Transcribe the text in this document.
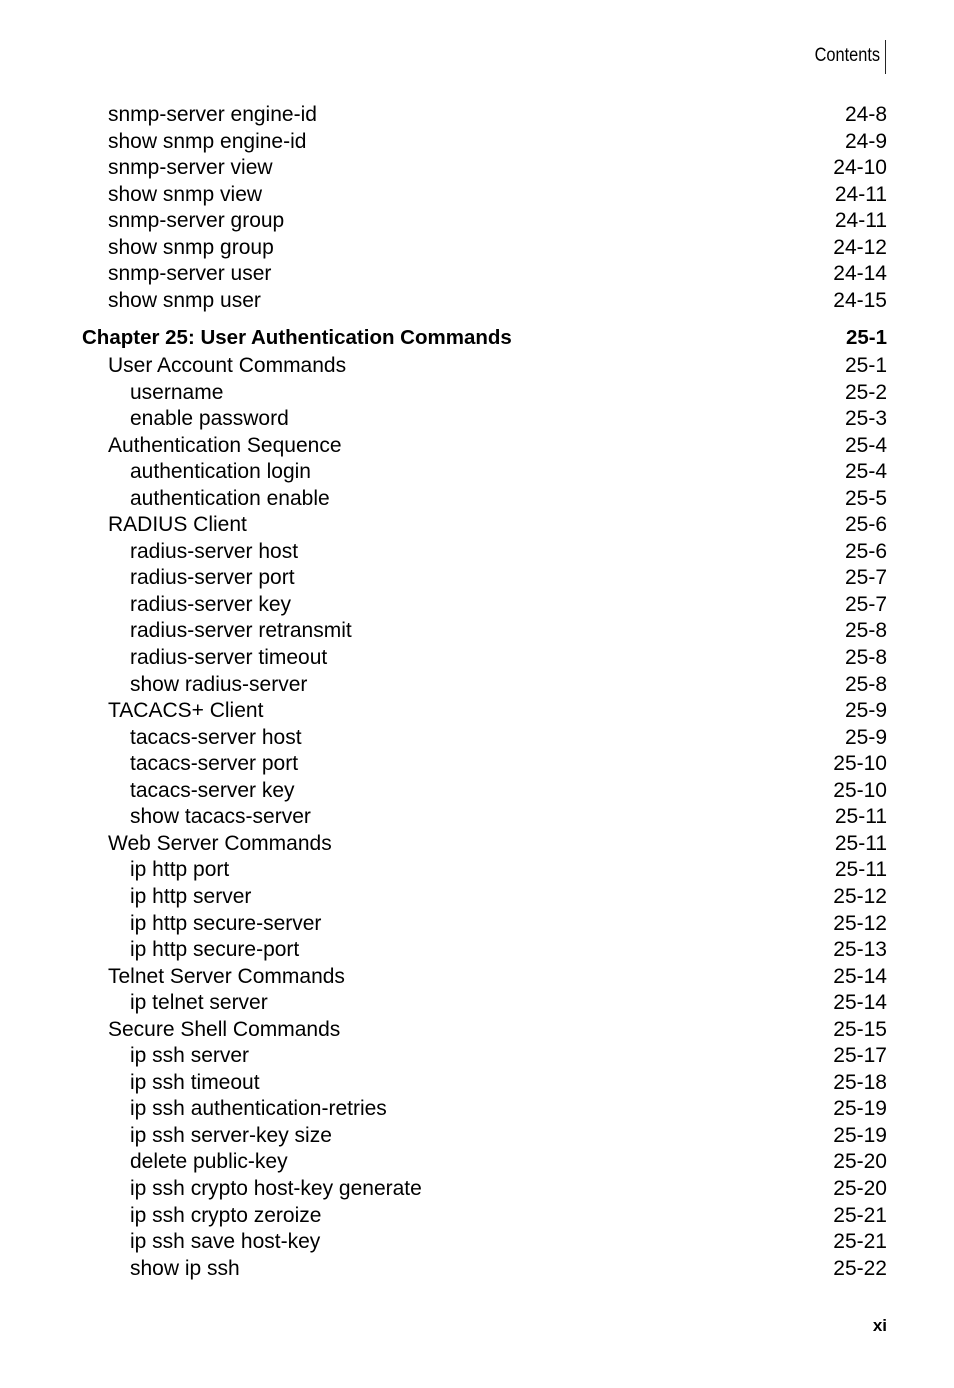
Contents
snmp-server engine-id	24-8
show snmp engine-id	24-9
snmp-server view	24-10
show snmp view	24-11
snmp-server group	24-11
show snmp group	24-12
snmp-server user	24-14
show snmp user	24-15
Chapter 25: User Authentication Commands	25-1
User Account Commands	25-1
username	25-2
enable password	25-3
Authentication Sequence	25-4
authentication login	25-4
authentication enable	25-5
RADIUS Client	25-6
radius-server host	25-6
radius-server port	25-7
radius-server key	25-7
radius-server retransmit	25-8
radius-server timeout	25-8
show radius-server	25-8
TACACS+ Client	25-9
tacacs-server host	25-9
tacacs-server port	25-10
tacacs-server key	25-10
show tacacs-server	25-11
Web Server Commands	25-11
ip http port	25-11
ip http server	25-12
ip http secure-server	25-12
ip http secure-port	25-13
Telnet Server Commands	25-14
ip telnet server	25-14
Secure Shell Commands	25-15
ip ssh server	25-17
ip ssh timeout	25-18
ip ssh authentication-retries	25-19
ip ssh server-key size	25-19
delete public-key	25-20
ip ssh crypto host-key generate	25-20
ip ssh crypto zeroize	25-21
ip ssh save host-key	25-21
show ip ssh	25-22
xi
